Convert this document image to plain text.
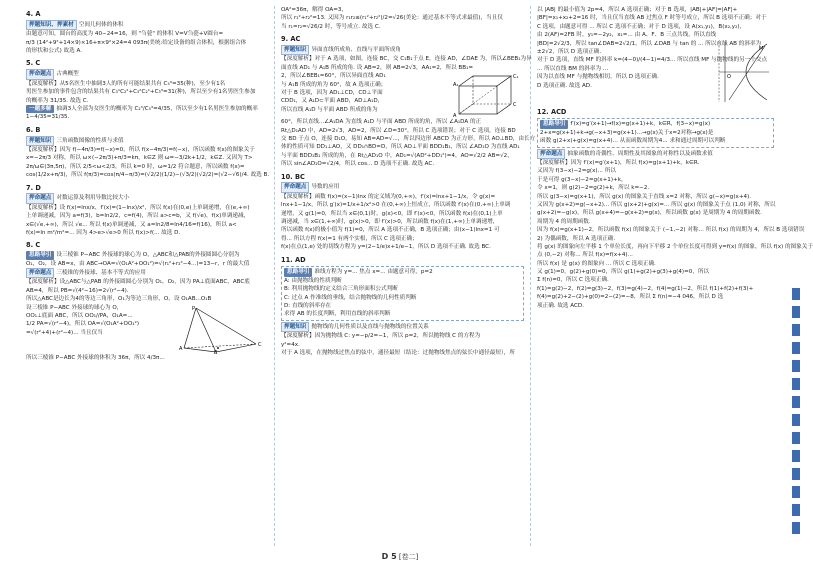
4. A
押题知识、押素材 空间几何体的体积
由题意可知，圆台的高度为 40−24=16，则 "刍甍" 的体积 V=V刍甍+V圆台=
π/3 (14²+9²+14×9)×16+π×9²×24=4 093π(美统:给定设备的组合体积，根据组合体
的形状和公式) 故选 A.
5. C
押命题点 古典概型
【深度解析】从5名医生中抽调3人的所有可能结果共有 C₅³=35(种)，至少有1名
男医生参加的事件包含的结果共有 C₃¹C₂²+C₃²C₂¹+C₃³=31(种)，所以至少有1名男医生参加
的概率为 31/35. 故选 C.
一题多解 抽调3人全部为女医生的概率为 C₂³/C₅³=4/35，所以至少有1名男医生参加的概率
1−4/35=31/35.
6. B
押题知识 三角函数图像的性质与求值
【深度解析】因为 f(−4π/3)=f(−x)=0，所以 f(x−4π/3)=f(−x)，所以函数 f(x)的图象关于
x=−2π/3 对称，所以 ω×(−2π/3)+π/3=kπ，k∈Z 则 ω=−3/2k+1/2，k∈Z. 又因为 T>
2π/ω∈(3π,5π)，所以 2/5<ω<2/3，所以 k=0 时，ω=1/2 符合题意，所以函数 f(x)=
cos(1/2x+π/3)，所以 f(π/3)=cos(π/4−π/3)=(√2/2)(1/2)−(√3/2)(√2/2)=(√2−√6)/4. 故选 B.
7. D
押命题点 对数运算及利用导数比较大小
【深度解析】设 f(x)=lnx/x，f′(x)=(1−lnx)/x²，所以 f(x)在(0,e)上单调递增，在(e,+∞)
上单调递减，因为 a=f(3)，b=ln2/2，c=f(4)，所以 a>c=b，又 f(√e)，f(x)单调递减，
x∈(√e,+∞)，所以 √e... 所以 f(x)单调递减，又 a=ln2/8=ln4/16=f(16)，所以 a<
f(x)=ln m²/m²=... 因为 4>e>√e>0 所以 f(x)>f(... 故选 D.
8. C
思路导引 设三棱锥 P−ABC 外接球的球心为 O，△ABC和△PAB的外接圆圆心分别为
O₁，O₂，设 AB=x，由 ABC→OA=√(O₁A²+OO₁²)=√(r₁²+r₂²−4...)=13−r，r 的最大值
押命题点 三棱锥的外接球、基本不等式的应用
【深度解析】设△ABC与△PAB 的外接圆圆心分别为 O₁，O₂，因为 PA⊥底面ABC，ABC底
AB=4，所以 PB=√(4²−16)=2√(r²−4).
所以△ABC是边长为4的等边三角形，O₁为等边三角形，O，设 O₁AB...O₁B
设三棱锥 P−ABC 外接球的球心为 O，
OO₁⊥底面 ABC，所以 OO₁//PA，O₁A=...
1/2 PA=√(r²−4)，所以 OA=√(O₁A²+OO₁²)
=√(r²+4)+(r²−4)... 当且仅当
P
A
C
B
所以三棱锥 P−ABC 外接球的体积为 36π，所以 4/3π...
OA²=36π，解得 OA=3，
所以 r₁²+r₂²=13. 又因为 r₁r₂≤(r₁²+r₂²)/2=√26(美论：通过基本不等式求最值)，当且仅
当 r₁=r₂=√26/2 时，等号成立. 故选 C.
9. AC
押题知识 异面直线所成角、直线与平面所成角
【深度解析】对于 A 选项，如图，连接 BC，交 C₁B₁于点 E，连接 AD，∠DAE 为，所以∠BEB₁为异
面直线 AD₁ 与 A₁B 所成的角. 设 AB=2，则 AB=2√3，AA₁=2，所以 BB₁=
2，所以∠BEB₁=60°，所以异面直线 AD₁
与 A₁B 所成的角为 60°，故 A 选项正确；
对于 B 选项，因为 AD₁⊥CD，CD⊥平面
CDD₁，又 A₁D⊂平面 ABD，AD⊥A₁D，
所以直线 A₁D 与平面 ABD 所成的角为
A₁
C₁
A
C
60°，所以直线...∠A₁DA 为直线 A₁D 与平面 ABD 所成的角，所以 ∠A₁DA 的正
Rt△D₁AD 中，AD=2√3，AD=2，所以 ∠D=30°，所以 C 选项错误；对于 C 选项，连接 BD
交 BD 于点 O，连接 D₁O，易知 AB=AD=√...，所以四边形 ABCD 为正方形，所以 AO⊥BD，由长方
体的性质可知 DD₁⊥AO，又 DD₁∩BD=D，所以 AO⊥平面 BDD₁B₁，所以 ∠AD₁O 为直线 AD₁
与平面 BDD₁B₁ 所成的角，在 Rt△AD₁O 中，AD₁=√(AD²+DD₁²)=4，AO=√2/2 AB=√2，
所以 sin∠AD₁O=√2/4，所以 cos... D 选项不正确. 故选 AC.
10. BC
押命题点 导数的应用
【深度解析】函数 f(x)=(x−1)lnx 的定义域为(0,+∞)，f′(x)=lnx+1−1/x，令 g(x)=
lnx+1−1/x，所以 g′(x)=1/x+1/x²>0 在(0,+∞)上恒成立，所以函数 f′(x)在(0,+∞)上单调
递增，又 g(1)=0，所以当 x∈(0,1)时，g(x)<0，即 f′(x)<0，所以函数 f(x)在(0,1)上单
调递减，当 x∈(1,+∞)时，g(x)>0，即 f′(x)>0，所以函数 f(x)在(1,+∞)上单调递增，
所以函数 f(x)的极小值为 f(1)=0，所以 A 选项不正确，B 选项正确；由(x−1)lnx=1 可
得... 所以方程 f(x)=1 有两个实根，所以 C 选项正确；
f(x)在点(1,e) 处的切线方程为 y=(2−1/e)x+1/e−1，所以 D 选项不正确. 故选 BC.
11. AD
思路导引 准线方程为 y=... 焦点 x=... 由题意可得，p=2
A: 由抛物线的性质判断
B: 利用抛物线的定义结合三角形面积公式判断
C: 过点 A 作准线的垂线，结合抛物线的几何性质判断
D: 直线的斜率存在
求得 AB 的长度判断，利用直线的斜率判断
押题知识 抛物线的几何性质以及直线与抛物线的位置关系
【深度解析】因为抛物线 C: y=−p/2=−1，所以 p=2，所以抛物线 C 的方程为
y²=4x.
对于 A 选项，在抛物线过焦点的弦中，通径最短（结论：过抛物线焦点的弦长中通径最短），所
以 |AB| 的最小值为 2p=4，所以 A 选项正确；对于 B 选项，|AB|+|AF|=|AF|+
|BF|=x₁+x₂+2=16 时，当且仅当直线 AB 过焦点 F 时等号成立，所以 B 选项不正确；对于
C 选项，由题意可得 ... 所以 C 选项不正确；对于 D 选项，设 A(x₁,y₁)，B(x₂,y₂)，
由 2(AF)=2FB 时，y₁=−2y₂，x₁=... 由 A、F、B 三点共线，所以直线
|BD|=2√2/3，所以 tan∠DAB=2√2/1，所以 ∠DAB 与 tan 的 ... 所以直线 AB 的斜率为
±2√2，所以 D 选项正确.
对于 D 选项，直线 MF 的斜率 k=(4−0)/(4−1)=4/3... 所以直线 MF 与抛物线的另一个交点
... 所以直线 BM 的斜率为 ...
因为以直线 MF 与抛物线相切，所以 D 选项正确.
D 选项正确. 故选 AD.
O
M
12. ACD
思路导引 f′(x)=g′(x+1)→f(x)=g(x+1)+k，k∈R，f(3−x)=g(x)
2+x=g(x+1)+k→g(−x+3)=g(x+1)...→g(x)关于x=2对称→g(x)是
函数 g(2+x)+g(x)=g(x+4)... 从而函数周期为4... 求和通过周期可以判断
押命题点 抽象函数的奇偶性、周期性及其图象的对称性以及函数求值
【深度解析】因为 f′(x)=g′(x+1)，所以 f(x)=g(x+1)+k，k∈R.
又因为 f(3−x)−2=g(x)... 所以
于是可得 g(3−x)−2=g(x+1)+k，
令 x=1，则 g(2)−2=g(2)+k，所以 k=−2.
所以 g(3−x)=g(x+1)，所以 g(x) 的图象关于直线 x=2 对称，所以 g(−x)=g(x+4).
又因为 g(x+2)=g(−x+2)... 所以 g(x+2)+g(x)=... 所以 g(x) 的图象关于点 (1,0) 对称，所以
g(x+2)=−g(x)，所以 g(x+4)=−g(x+2)=g(x)，所以函数 g(x) 是周期为 4 的周期函数.
周期为 4 的周期函数.
因为 f(x)=g(x+1)−2，所以函数 f(x) 的图象关于 (−1,−2) 对称... 所以 f(x) 的周期为 4，所以 B 选项错误
2) 为偶函数，所以 A 选项正确.
将 g(x) 的图象向左平移 1 个单位长度，再向下平移 2 个单位长度可得到 y=f(x) 的图象，所以 f(x) 的图象关于
点 (0,−2) 对称... 所以 f(x)=f(x+4)...
所以 f(x) 是 g(x) 的图象向 ... 所以 C 选项正确.
又 g(1)=0，g(2)+g(0)=0，所以 g(1)+g(2)+g(3)+g(4)=0，所以
Σ f(n)=0，所以 C 选项正确.
f(1)=g(2)−2，f(2)=g(3)−2，f(3)=g(4)−2，f(4)=g(1)−2，所以 f(1)+f(2)+f(3)+
f(4)=g(2)+2−(2)+g(0)=2−(2)=−8，所以 Σ f(n)=−4 046，所以 D 选
项正确. 故选 ACD.
D 5 [卷二]
